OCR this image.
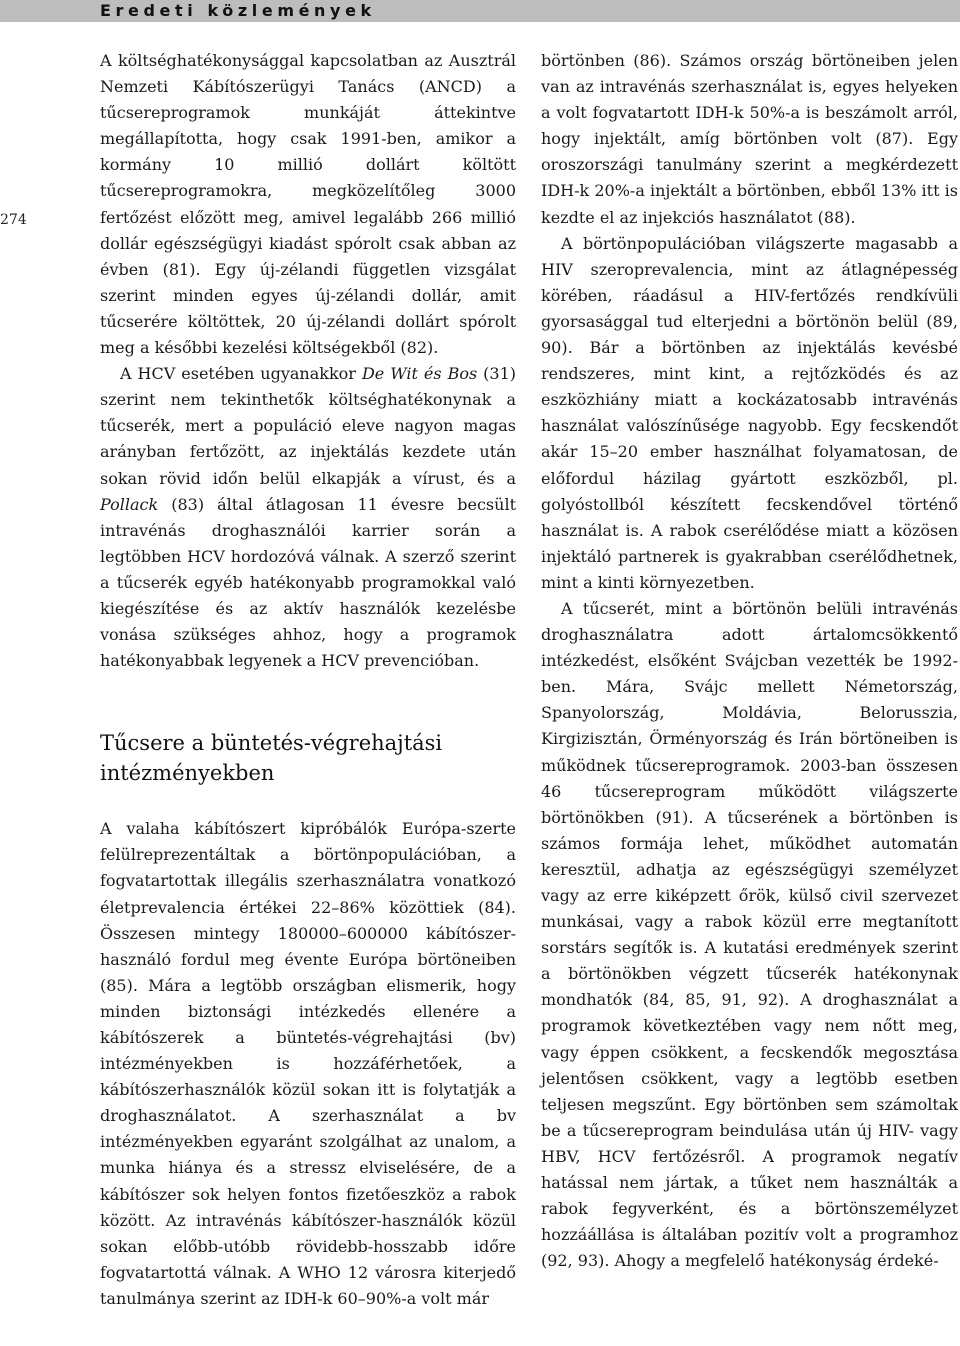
Eredeti közlemények
274

A költséghatékonysággal kapcsolatban az Ausztrál Nemzeti Kábítószerügyi Tanács (ANCD) a tűcsereprogramok munkáját áttekintve megállapította, hogy csak 1991-ben, amikor a kormány 10 millió dollárt költött tűcsereprogramokra, megközelítőleg 3000 fertőzést előzött meg, amivel legalább 266 millió dollár egészségügyi kiadást spórolt csak abban az évben (81). Egy új-zélandi független vizsgálat szerint minden egyes új-zélandi dollár, amit tűcserére költöttek, 20 új-zélandi dollárt spórolt meg a későbbi kezelési költségekből (82).

A HCV esetében ugyanakkor De Wit és Bos (31) szerint nem tekinthetők költséghatékonynak a tűcserék, mert a populáció eleve nagyon magas arányban fertőzött, az injektálás kezdete után sokan rövid időn belül elkapják a vírust, és a Pollack (83) által átlagosan 11 évesre becsült intravénás droghasználói karrier során a legtöbben HCV hordozóvá válnak. A szerző szerint a tűcserék egyéb hatékonyabb programokkal való kiegészítése és az aktív használók kezelésbe vonása szükséges ahhoz, hogy a programok hatékonyabbak legyenek a HCV prevencióban.

Tűcsere a büntetés-végrehajtási intézményekben

A valaha kábítószert kipróbálók Európa-szerte felülreprezentáltak a börtönpopulációban, a fogvatartottak illegális szerhasználatra vonatkozó életprevalencia értékei 22–86% közöttiek (84). Összesen mintegy 180000–600000 kábítószer-használó fordul meg évente Európa börtöneiben (85). Mára a legtöbb országban elismerik, hogy minden biztonsági intézkedés ellenére a kábítószerek a büntetés-végrehajtási (bv) intézményekben is hozzáférhetőek, a kábítószerhasználók közül sokan itt is folytatják a droghasználatot. A szerhasználat a bv intézményekben egyaránt szolgálhat az unalom, a munka hiánya és a stressz elviselésére, de a kábítószer sok helyen fontos fizetőeszköz a rabok között. Az intravénás kábítószer-használók közül sokan előbb-utóbb rövidebb-hosszabb időre fogvatartottá válnak. A WHO 12 városra kiterjedő tanulmánya szerint az IDH-k 60–90%-a volt már

börtönben (86). Számos ország börtöneiben jelen van az intravénás szerhasználat is, egyes helyeken a volt fogvatartott IDH-k 50%-a is beszámolt arról, hogy injektált, amíg börtönben volt (87). Egy oroszországi tanulmány szerint a megkérdezett IDH-k 20%-a injektált a börtönben, ebből 13% itt is kezdte el az injekciós használatot (88).

A börtönpopulációban világszerte magasabb a HIV szeroprevalencia, mint az átlagnépesség körében, ráadásul a HIV-fertőzés rendkívüli gyorsasággal tud elterjedni a börtönön belül (89, 90). Bár a börtönben az injektálás kevésbé rendszeres, mint kint, a rejtőzködés és az eszközhiány miatt a kockázatosabb intravénás használat valószínűsége nagyobb. Egy fecskendőt akár 15–20 ember használhat folyamatosan, de előfordul házilag gyártott eszközből, pl. golyóstollból készített fecskendővel történő használat is. A rabok cserélődése miatt a közösen injektáló partnerek is gyakrabban cserélődhetnek, mint a kinti környezetben.

A tűcserét, mint a börtönön belüli intravénás droghasználatra adott ártalomcsökkentő intézkedést, elsőként Svájcban vezették be 1992-ben. Mára, Svájc mellett Németország, Spanyolország, Moldávia, Belorusszia, Kirgizisztán, Örményország és Irán börtöneiben is működnek tűcsereprogramok. 2003-ban összesen 46 tűcsereprogram működött világszerte börtönökben (91). A tűcserének a börtönben is számos formája lehet, működhet automatán keresztül, adhatja az egészségügyi személyzet vagy az erre kiképzett őrök, külső civil szervezet munkásai, vagy a rabok közül erre megtanított sorstárs segítők is. A kutatási eredmények szerint a börtönökben végzett tűcserék hatékonynak mondhatók (84, 85, 91, 92). A droghasználat a programok következtében vagy nem nőtt meg, vagy éppen csökkent, a fecskendők megosztása jelentősen csökkent, vagy a legtöbb esetben teljesen megszűnt. Egy börtönben sem számoltak be a tűcsereprogram beindulása után új HIV- vagy HBV, HCV fertőzésről. A programok negatív hatással nem jártak, a tűket nem használták a rabok fegyverként, és a börtönszemélyzet hozzáállása is általában pozitív volt a programhoz (92, 93). Ahogy a megfelelő hatékonyság érdeké-
